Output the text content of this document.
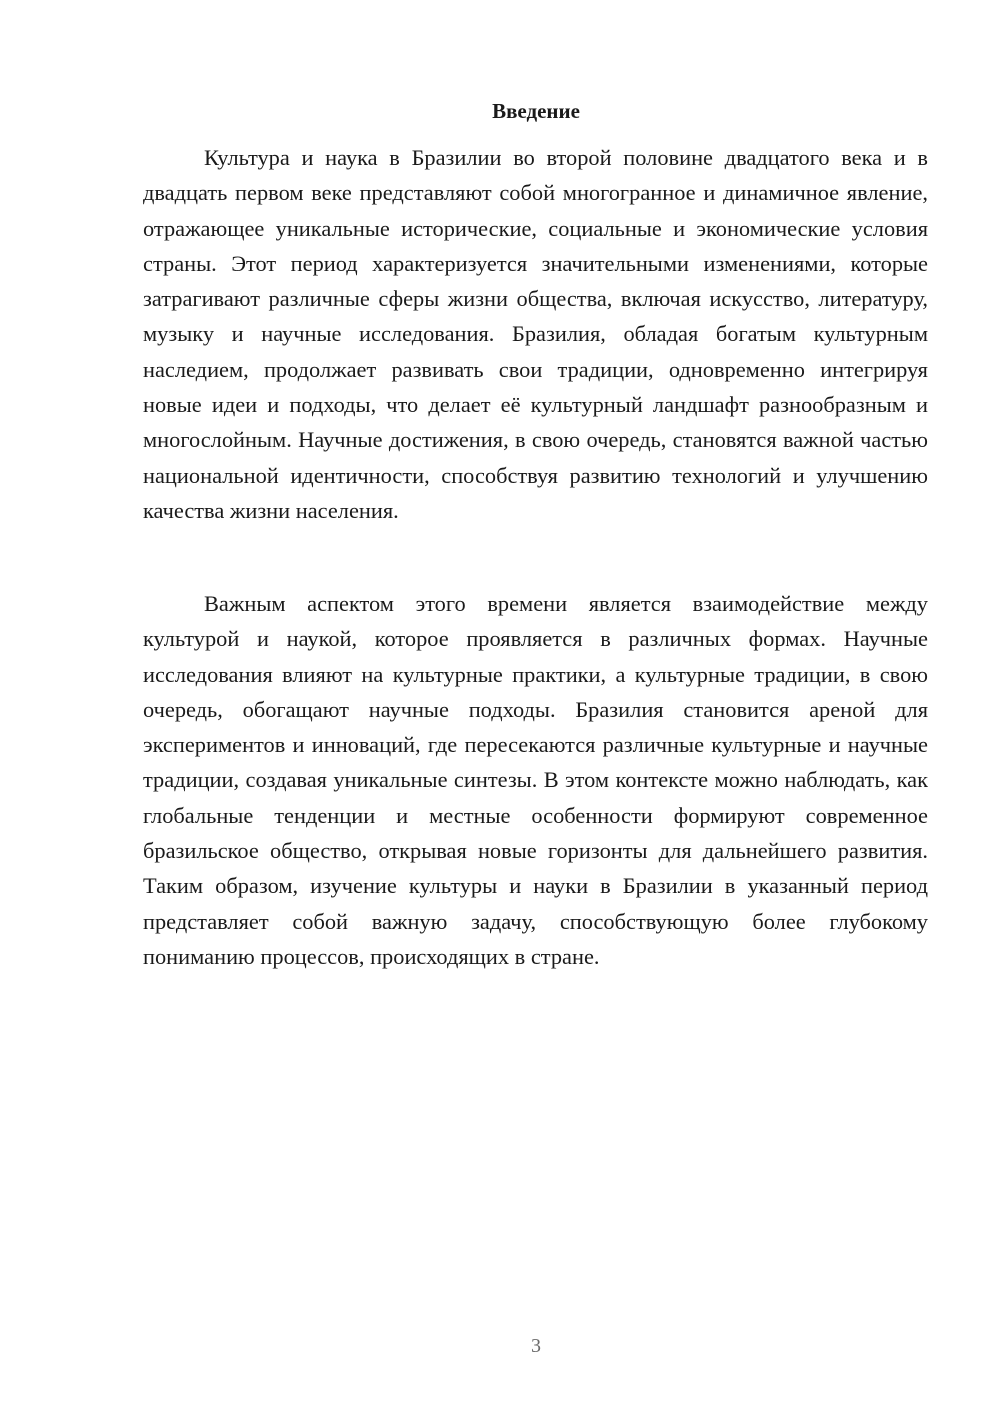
Введение

Культура и наука в Бразилии во второй половине двадцатого века и в двадцать первом веке представляют собой многогранное и динамичное явление, отражающее уникальные исторические, социальные и экономические условия страны. Этот период характеризуется значительными изменениями, которые затрагивают различные сферы жизни общества, включая искусство, литературу, музыку и научные исследования. Бразилия, обладая богатым культурным наследием, продолжает развивать свои традиции, одновременно интегрируя новые идеи и подходы, что делает её культурный ландшафт разнообразным и многослойным. Научные достижения, в свою очередь, становятся важной частью национальной идентичности, способствуя развитию технологий и улучшению качества жизни населения.

Важным аспектом этого времени является взаимодействие между культурой и наукой, которое проявляется в различных формах. Научные исследования влияют на культурные практики, а культурные традиции, в свою очередь, обогащают научные подходы. Бразилия становится ареной для экспериментов и инноваций, где пересекаются различные культурные и научные традиции, создавая уникальные синтезы. В этом контексте можно наблюдать, как глобальные тенденции и местные особенности формируют современное бразильское общество, открывая новые горизонты для дальнейшего развития. Таким образом, изучение культуры и науки в Бразилии в указанный период представляет собой важную задачу, способствующую более глубокому пониманию процессов, происходящих в стране.

3
